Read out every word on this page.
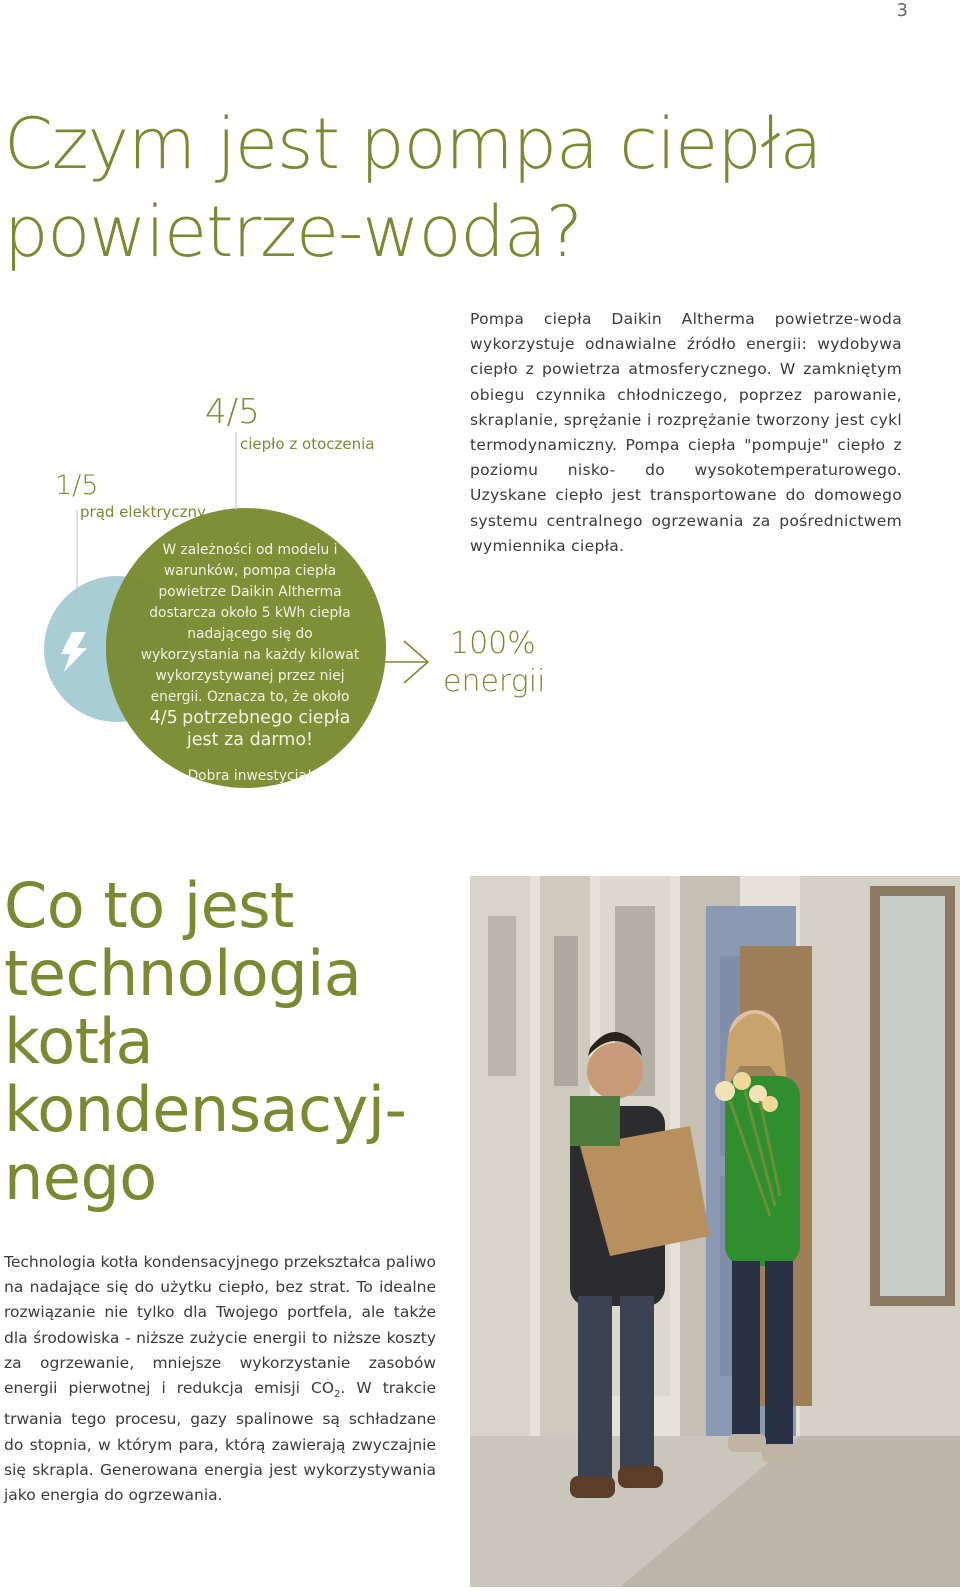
3
Czym jest pompa ciepła
powietrze-woda?

Pompa ciepła Daikin Altherma powietrze-woda wykorzystuje odnawialne źródło energii: wydobywa ciepło z powietrza atmosferycznego. W zamkniętym obiegu czynnika chłodniczego, poprzez parowanie, skraplanie, sprężanie i rozprężanie tworzony jest cykl termodynamiczny. Pompa ciepła "pompuje" ciepło z poziomu nisko- do wysokotemperaturowego. Uzyskane ciepło jest transportowane do domowego systemu centralnego ogrzewania za pośrednictwem wymiennika ciepła.

1/5
prąd elektryczny
4/5
ciepło z otoczenia
100%
energii
W zależności od modelu i warunków, pompa ciepła powietrze Daikin Altherma dostarcza około 5 kWh ciepła nadającego się do wykorzystania na każdy kilowat wykorzystywanej przez niej energii. Oznacza to, że około 4/5 potrzebnego ciepła jest za darmo!
Dobra inwestycja!
Co to jest
technologia
kotła
kondensacyj-
nego

Technologia kotła kondensacyjnego przekształca paliwo na nadające się do użytku ciepło, bez strat. To idealne rozwiązanie nie tylko dla Twojego portfela, ale także dla środowiska - niższe zużycie energii to niższe koszty za ogrzewanie, mniejsze wykorzystanie zasobów energii pierwotnej i redukcja emisji $CO_2$. W trakcie trwania tego procesu, gazy spalinowe są schładzane do stopnia, w którym para, którą zawierają zwyczajnie się skrapla. Generowana energia jest wykorzystywania jako energia do ogrzewania.
